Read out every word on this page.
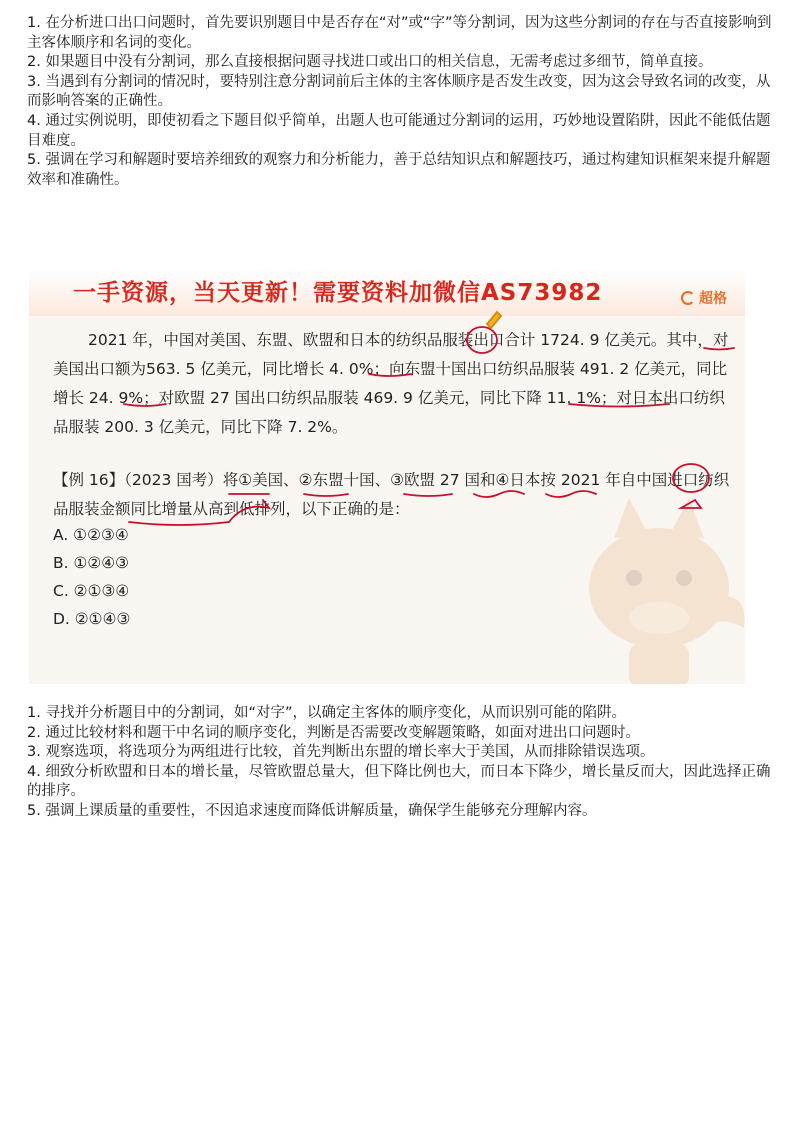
1. 在分析进口出口问题时，首先要识别题目中是否存在“对”或“字”等分割词，因为这些分割词的存在与否直接影响到主客体顺序和名词的变化。

2. 如果题目中没有分割词，那么直接根据问题寻找进口或出口的相关信息，无需考虑过多细节，简单直接。

3. 当遇到有分割词的情况时，要特别注意分割词前后主体的主客体顺序是否发生改变，因为这会导致名词的改变，从而影响答案的正确性。

4. 通过实例说明，即使初看之下题目似乎简单，出题人也可能通过分割词的运用，巧妙地设置陷阱，因此不能低估题目难度。

5. 强调在学习和解题时要培养细致的观察力和分析能力，善于总结知识点和解题技巧，通过构建知识框架来提升解题效率和准确性。

一手资源，当天更新！需要资料加微信AS73982	超格
2021 年，中国对美国、东盟、欧盟和日本的纺织品服装出口合计 1724. 9 亿美元。其中，对美国出口额为563. 5 亿美元，同比增长 4. 0%；向东盟十国出口纺织品服装 491. 2 亿美元，同比增长 24. 9%；对欧盟 27 国出口纺织品服装 469. 9 亿美元，同比下降 11. 1%；对日本出口纺织品服装 200. 3 亿美元，同比下降 7. 2%。
【例 16】（2023 国考）将①美国、②东盟十国、③欧盟 27 国和④日本按 2021 年自中国进口纺织品服装金额同比增量从高到低排列，以下正确的是：
A. ①②③④
B. ①②④③
C. ②①③④
D. ②①④③

1. 寻找并分析题目中的分割词，如“对字”，以确定主客体的顺序变化，从而识别可能的陷阱。

2. 通过比较材料和题干中名词的顺序变化，判断是否需要改变解题策略，如面对进出口问题时。

3. 观察选项，将选项分为两组进行比较，首先判断出东盟的增长率大于美国，从而排除错误选项。

4. 细致分析欧盟和日本的增长量，尽管欧盟总量大，但下降比例也大，而日本下降少，增长量反而大，因此选择正确的排序。

5. 强调上课质量的重要性，不因追求速度而降低讲解质量，确保学生能够充分理解内容。
